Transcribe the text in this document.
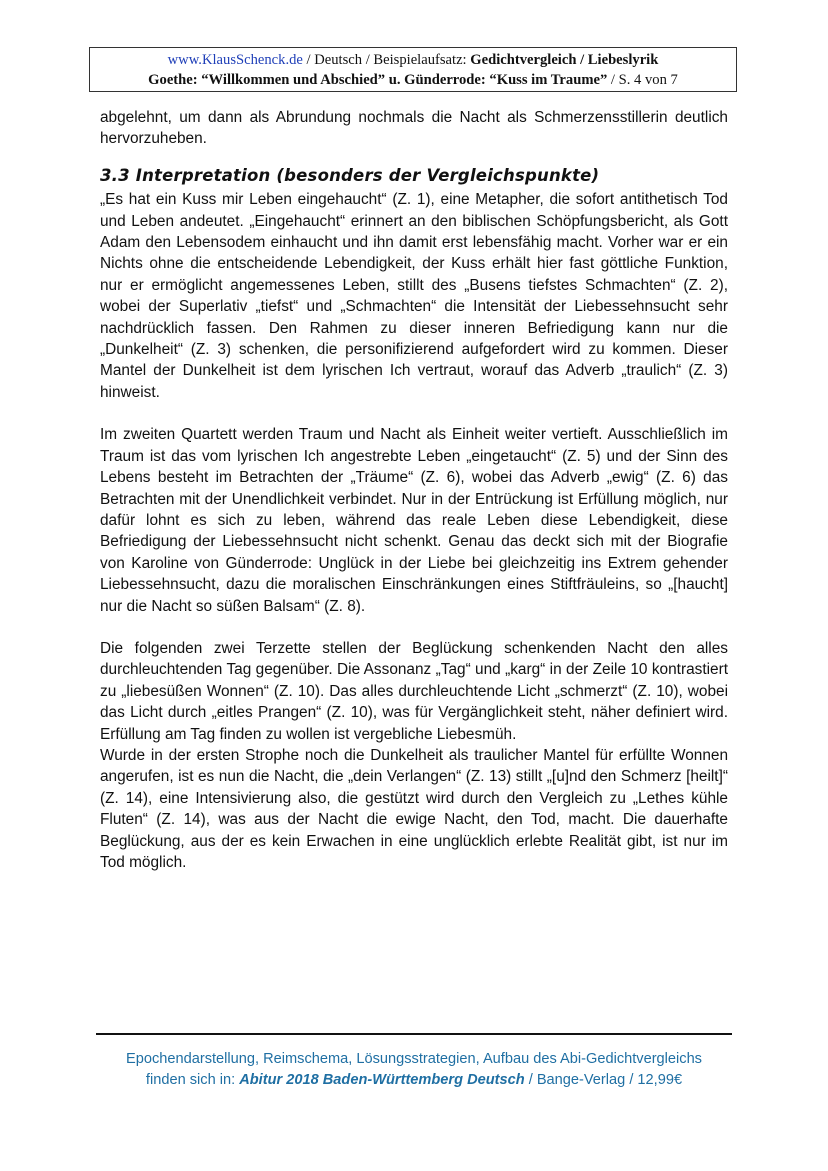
www.KlausSchenck.de / Deutsch / Beispielaufsatz: Gedichtvergleich / Liebeslyrik
Goethe: “Willkommen und Abschied” u. Günderrode: “Kuss im Traume” / S. 4 von 7

abgelehnt, um dann als Abrundung nochmals die Nacht als Schmerzensstillerin deutlich hervorzuheben.

3.3 Interpretation (besonders der Vergleichspunkte)

„Es hat ein Kuss mir Leben eingehaucht“ (Z. 1), eine Metapher, die sofort antithetisch Tod und Leben andeutet. „Eingehaucht“ erinnert an den biblischen Schöpfungsbericht, als Gott Adam den Lebensodem einhaucht und ihn damit erst lebensfähig macht. Vorher war er ein Nichts ohne die entscheidende Lebendigkeit, der Kuss erhält hier fast göttliche Funktion, nur er ermöglicht angemessenes Leben, stillt des „Busens tiefstes Schmachten“ (Z. 2), wobei der Superlativ „tiefst“ und „Schmachten“ die Intensität der Liebessehnsucht sehr nachdrücklich fassen. Den Rahmen zu dieser inneren Befriedigung kann nur die „Dunkelheit“ (Z. 3) schenken, die personifizierend aufgefordert wird zu kommen. Dieser Mantel der Dunkelheit ist dem lyrischen Ich vertraut, worauf das Adverb „traulich“ (Z. 3) hinweist.

Im zweiten Quartett werden Traum und Nacht als Einheit weiter vertieft. Ausschließlich im Traum ist das vom lyrischen Ich angestrebte Leben „eingetaucht“ (Z. 5) und der Sinn des Lebens besteht im Betrachten der „Träume“ (Z. 6), wobei das Adverb „ewig“ (Z. 6) das Betrachten mit der Unendlichkeit verbindet. Nur in der Entrückung ist Erfüllung möglich, nur dafür lohnt es sich zu leben, während das reale Leben diese Lebendigkeit, diese Befriedigung der Liebessehnsucht nicht schenkt. Genau das deckt sich mit der Biografie von Karoline von Günderrode: Unglück in der Liebe bei gleichzeitig ins Extrem gehender Liebessehnsucht, dazu die moralischen Einschränkungen eines Stiftfräuleins, so „[haucht] nur die Nacht so süßen Balsam“ (Z. 8).

Die folgenden zwei Terzette stellen der Beglückung schenkenden Nacht den alles durchleuchtenden Tag gegenüber. Die Assonanz „Tag“ und „karg“ in der Zeile 10 kontrastiert zu „liebesüßen Wonnen“ (Z. 10). Das alles durchleuchtende Licht „schmerzt“ (Z. 10), wobei das Licht durch „eitles Prangen“ (Z. 10), was für Vergänglichkeit steht, näher definiert wird. Erfüllung am Tag finden zu wollen ist vergebliche Liebesmüh.

Wurde in der ersten Strophe noch die Dunkelheit als traulicher Mantel für erfüllte Wonnen angerufen, ist es nun die Nacht, die „dein Verlangen“ (Z. 13) stillt „[u]nd den Schmerz [heilt]“ (Z. 14), eine Intensivierung also, die gestützt wird durch den Vergleich zu „Lethes kühle Fluten“ (Z. 14), was aus der Nacht die ewige Nacht, den Tod, macht. Die dauerhafte Beglückung, aus der es kein Erwachen in eine unglücklich erlebte Realität gibt, ist nur im Tod möglich.

Epochendarstellung, Reimschema, Lösungsstrategien, Aufbau des Abi-Gedichtvergleichs
finden sich in: Abitur 2018 Baden-Württemberg Deutsch / Bange-Verlag / 12,99€
